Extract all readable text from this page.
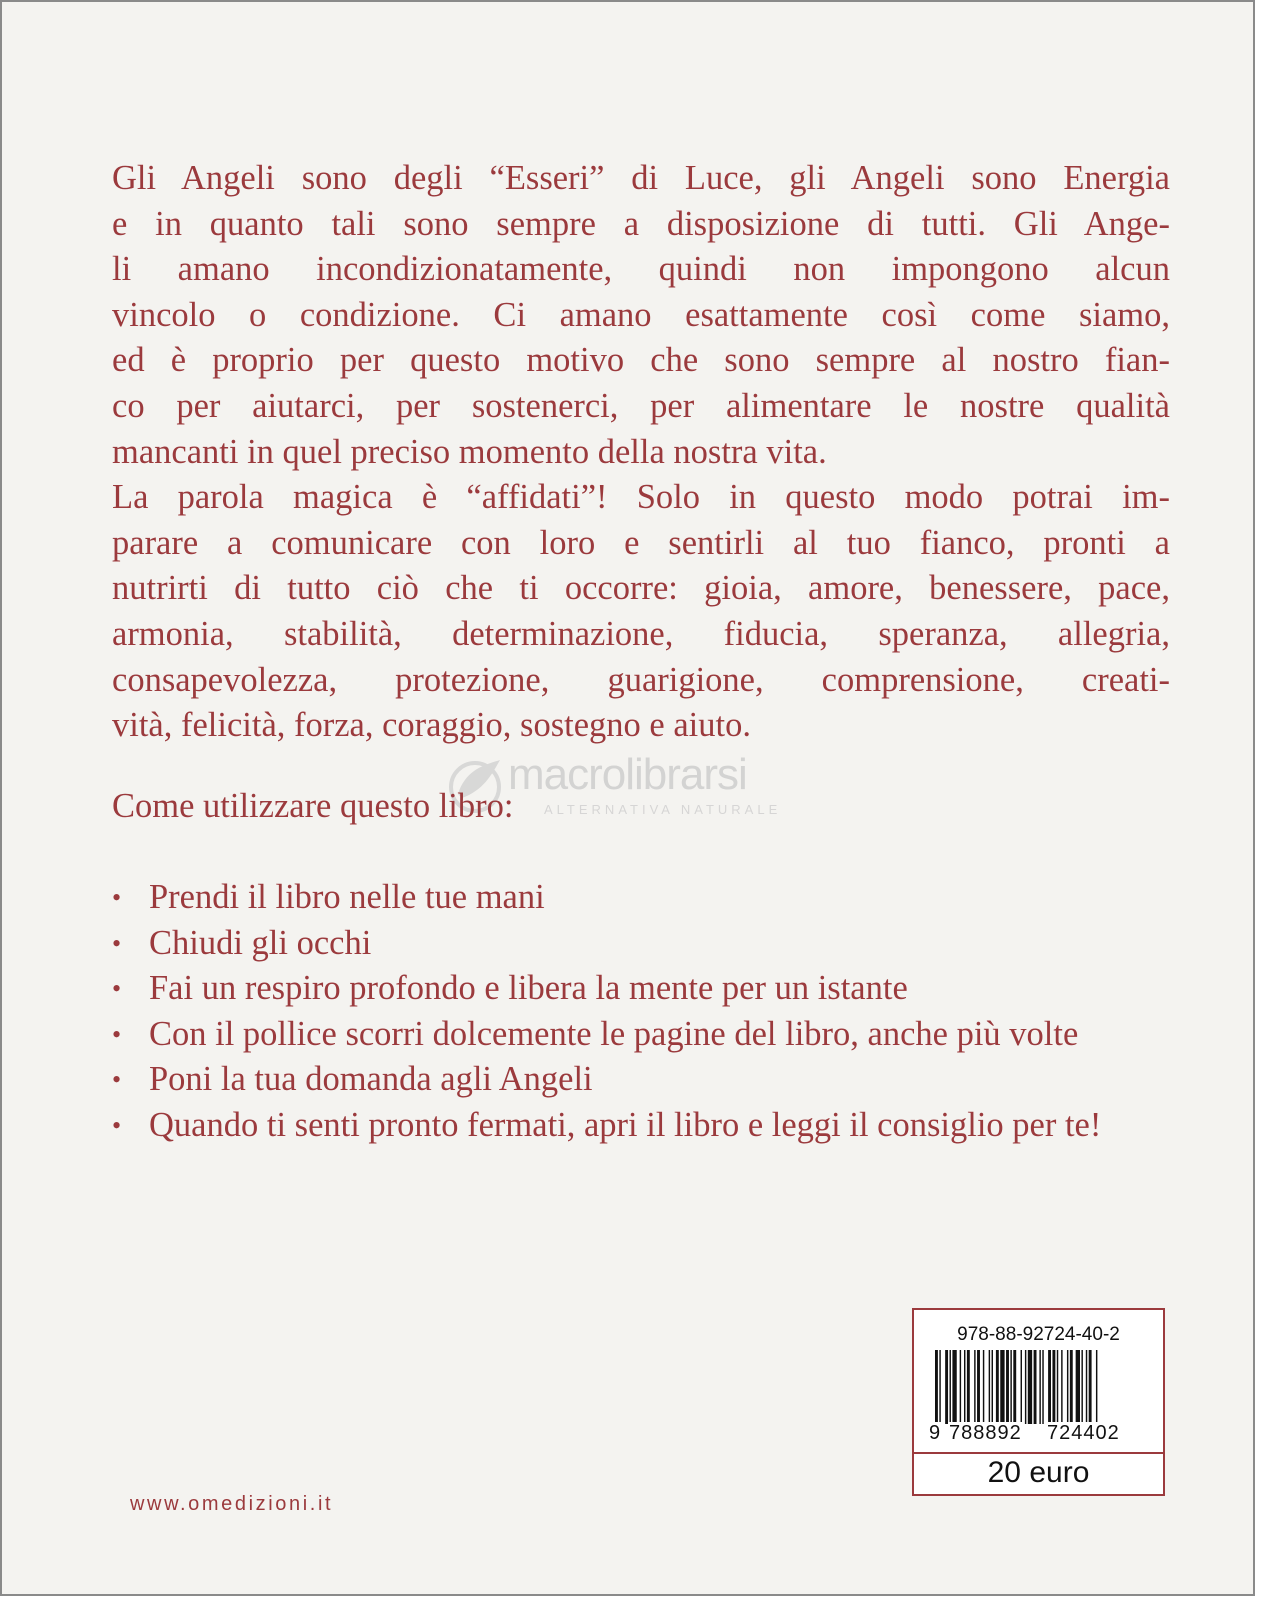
Gli Angeli sono degli “Esseri” di Luce, gli Angeli sono Energia
e in quanto tali sono sempre a disposizione di tutti. Gli Ange-
li amano incondizionatamente, quindi non impongono alcun
vincolo o condizione. Ci amano esattamente così come siamo,
ed è proprio per questo motivo che sono sempre al nostro fian-
co per aiutarci, per sostenerci, per alimentare le nostre qualità
mancanti in quel preciso momento della nostra vita.
La parola magica è “affidati”! Solo in questo modo potrai im-
parare a comunicare con loro e sentirli al tuo fianco, pronti a
nutrirti di tutto ciò che ti occorre: gioia, amore, benessere, pace,
armonia, stabilità, determinazione, fiducia, speranza, allegria,
consapevolezza, protezione, guarigione, comprensione, creati-
vità, felicità, forza, coraggio, sostegno e aiuto.
macrolibrarsi
ALTERNATIVA NATURALE
Come utilizzare questo libro:
• Prendi il libro nelle tue mani
• Chiudi gli occhi
• Fai un respiro profondo e libera la mente per un istante
• Con il pollice scorri dolcemente le pagine del libro, anche più volte
• Poni la tua domanda agli Angeli
• Quando ti senti pronto fermati, apri il libro e leggi il consiglio per te!
www.omedizioni.it
978-88-92724-40-2
9 788892 724402
20 euro
